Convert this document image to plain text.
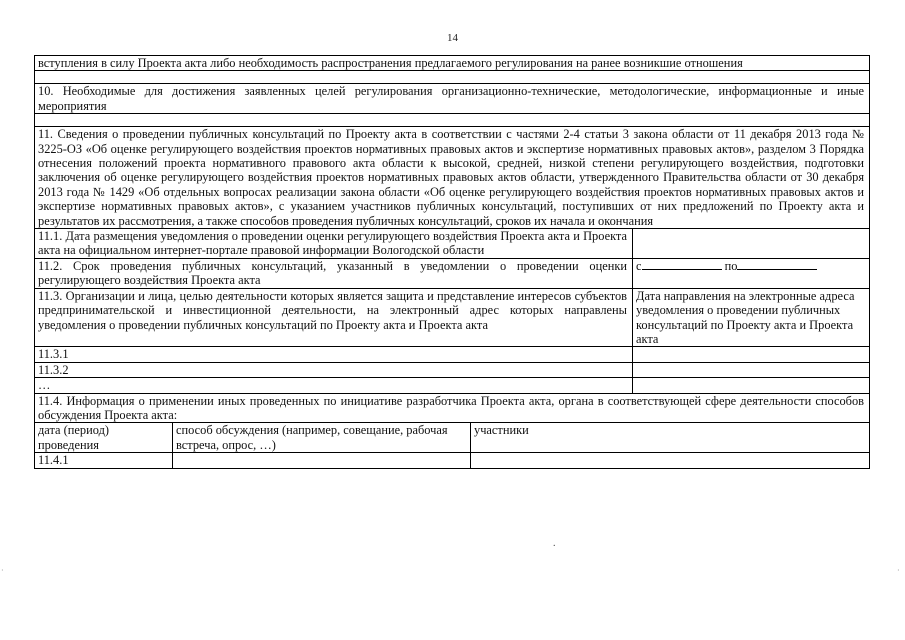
14
вступления в силу Проекта акта либо необходимость распространения предлагаемого регулирования на ранее возникшие отношения			

10. Необходимые для достижения заявленных целей регулирования организационно-технические, методологические, информационные и иные мероприятия			

11. Сведения о проведении публичных консультаций по Проекту акта в соответствии с частями 2-4 статьи 3 закона области от 11 декабря 2013 года № 3225-ОЗ «Об оценке регулирующего воздействия проектов нормативных правовых актов и экспертизе нормативных правовых актов», разделом 3 Порядка отнесения положений проекта нормативного правового акта области к высокой, средней, низкой степени регулирующего воздействия, подготовки заключения об оценке регулирующего воздействия проектов нормативных правовых актов области, утвержденного Правительства области от 30 декабря 2013 года № 1429 «Об отдельных вопросах реализации закона области «Об оценке регулирующего воздействия проектов нормативных правовых актов и экспертизе нормативных правовых актов», с указанием участников публичных консультаций, поступивших от них предложений по Проекту акта и результатов их рассмотрения, а также способов проведения публичных консультаций, сроков их начала и окончания			
11.1. Дата размещения уведомления о проведении оценки регулирующего воздействия Проекта акта и Проекта акта на официальном интернет-портале правовой информации Вологодской области			
11.2. Срок проведения публичных консультаций, указанный в уведомлении о проведении оценки регулирующего воздействия Проекта акта			с по
11.3. Организации и лица, целью деятельности которых является защита и представление интересов субъектов предпринимательской и инвестиционной деятельности, на электронный адрес которых направлены уведомления о проведении публичных консультаций по Проекту акта и Проекта акта			Дата направления на электронные адреса уведомления о проведении публичных консультаций по Проекту акта и Проекта акта
11.3.1			
11.3.2			
…			
11.4. Информация о применении иных проведенных по инициативе разработчика Проекта акта, органа в соответствующей сфере деятельности способов обсуждения Проекта акта:			
дата (период) проведения	способ обсуждения (например, совещание, рабочая встреча, опрос, …)	участники	
11.4.1			
.
·	·
